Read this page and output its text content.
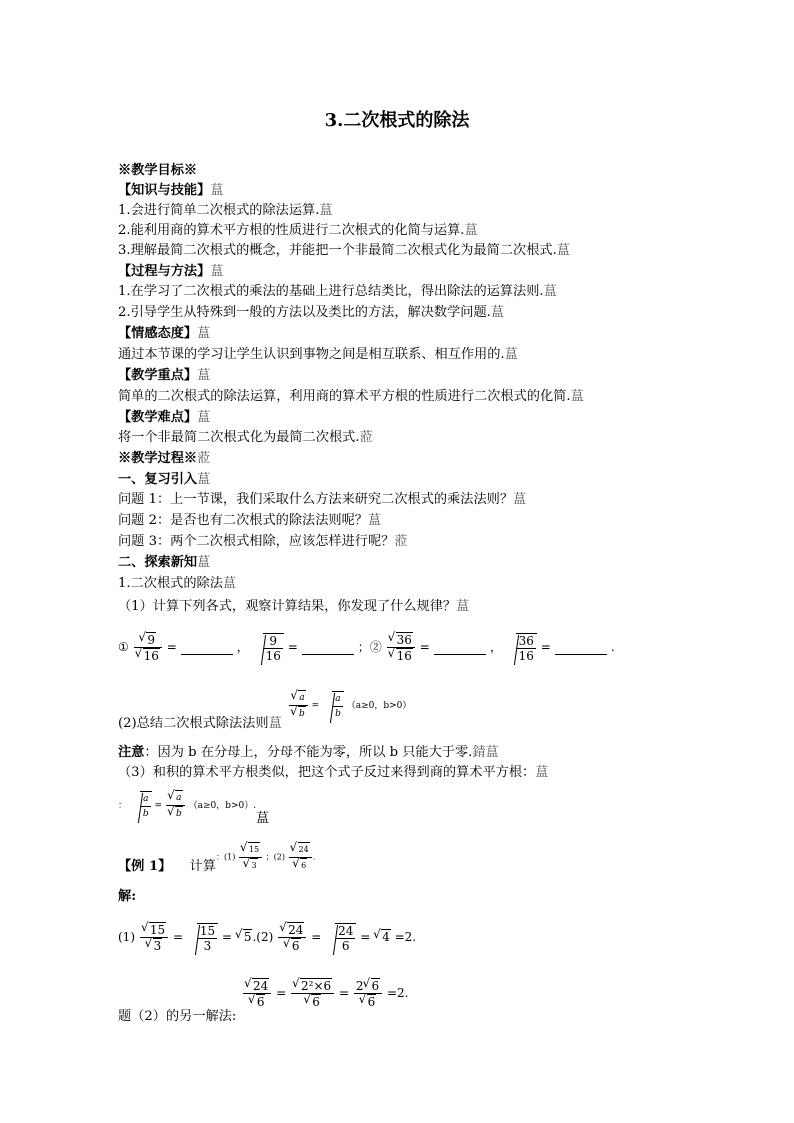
3.二次根式的除法
※教学目标※
【知识与技能】蒀
1.会进行简单二次根式的除法运算.蒀
2.能利用商的算术平方根的性质进行二次根式的化简与运算.蒀
3.理解最简二次根式的概念，并能把一个非最简二次根式化为最简二次根式.蒀
【过程与方法】蒀
1.在学习了二次根式的乘法的基础上进行总结类比，得出除法的运算法则.蒀
2.引导学生从特殊到一般的方法以及类比的方法，解决数学问题.蒀
【情感态度】蒀
通过本节课的学习让学生认识到事物之间是相互联系、相互作用的.蒀
【教学重点】蒀
简单的二次根式的除法运算，利用商的算术平方根的性质进行二次根式的化简.蒀
【教学难点】蒀
将一个非最简二次根式化为最简二次根式.蒞
※教学过程※蒞
一、复习引入蒀
问题 1：上一节课，我们采取什么方法来研究二次根式的乘法法则？蒀
问题 2：是否也有二次根式的除法法则呢？蒀
问题 3：两个二次根式相除，应该怎样进行呢？蒞
二、探索新知蒀
1.二次根式的除法蒀
（1）计算下列各式，观察计算结果，你发现了什么规律？蒀
① √ 9
√ 16 =	， $\frac{9}{16}$ =	；② √ 36
√ 16 =	， $\frac{36}{16}$ =	.
√ a
√ $b = \frac{a}{b} (a\ge 0$，b>0）
(2)总结二次根式除法法则蒀
注意：因为 b 在分母上，分母不能为零，所以 b 只能大于零.錆蒀
（3）和积的算术平方根类似，把这个式子反过来得到商的算术平方根：蒀
： $\frac{a}{b}$ = √ a
√ b （a≥0，b>0）.
蒀
【例 1】 计算
：(1) √ 15
√ 3 ；(2) √ 24
√ 6 .
解:
(1) √ 15
√ $3 = \frac{15}{3}$ = √ 5.(2) √ 24
√ $6 = \frac{24}{6}$ = √ 4 =2.
√ 24
√ 6 = √ 2²×6
√ 6 = 2 √ 6
√ 6 =2.
题（2）的另一解法:
